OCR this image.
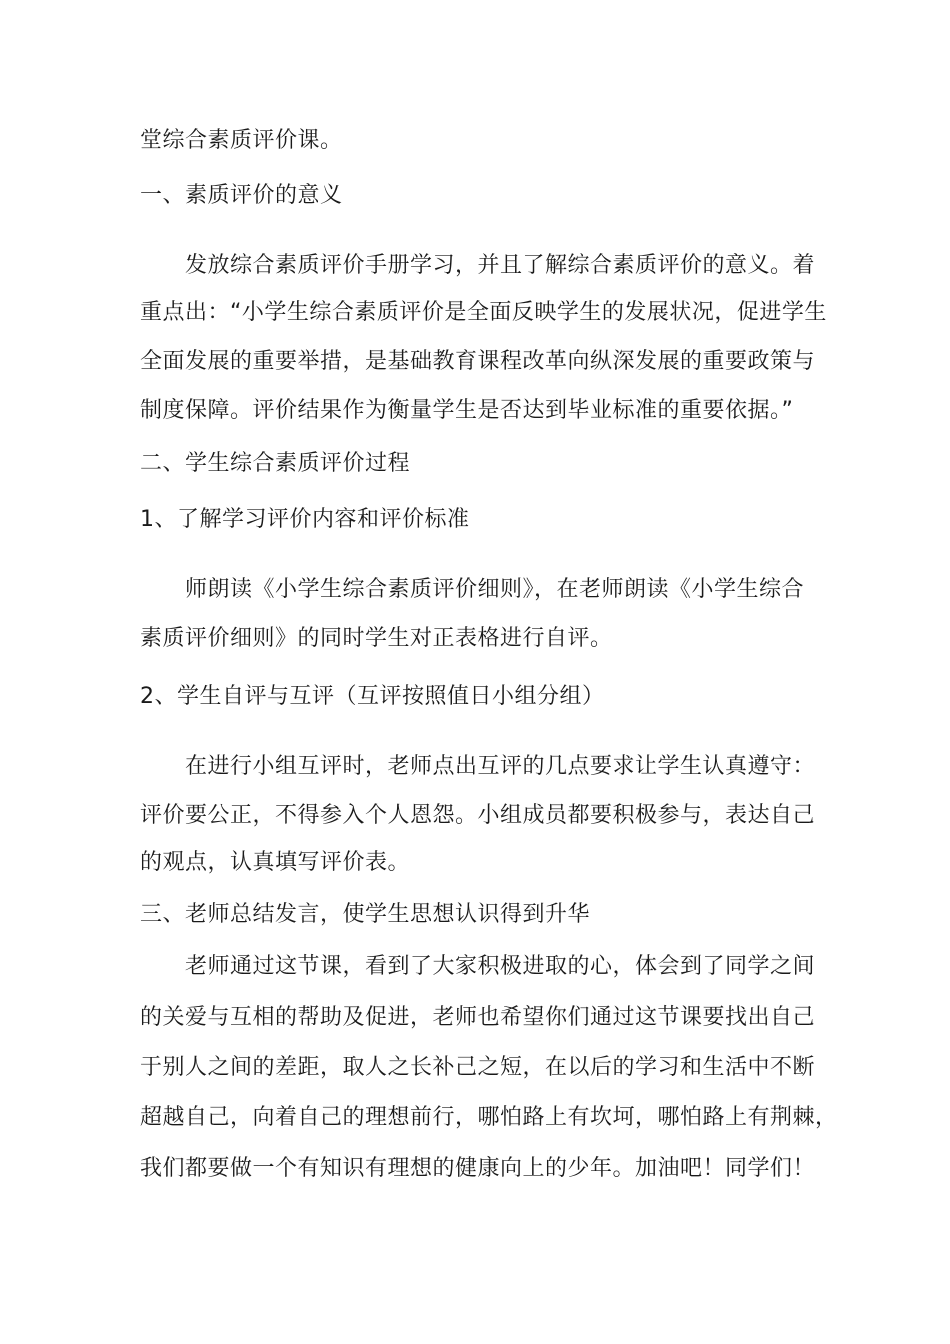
堂综合素质评价课。
一、素质评价的意义
发放综合素质评价手册学习，并且了解综合素质评价的意义。着
重点出：“小学生综合素质评价是全面反映学生的发展状况，促进学生
全面发展的重要举措，是基础教育课程改革向纵深发展的重要政策与
制度保障。评价结果作为衡量学生是否达到毕业标准的重要依据。”
二、学生综合素质评价过程
1、了解学习评价内容和评价标准
师朗读《小学生综合素质评价细则》，在老师朗读《小学生综合
素质评价细则》的同时学生对正表格进行自评。
2、学生自评与互评（互评按照值日小组分组）
在进行小组互评时，老师点出互评的几点要求让学生认真遵守：
评价要公正，不得参入个人恩怨。小组成员都要积极参与，表达自己
的观点，认真填写评价表。
三、老师总结发言，使学生思想认识得到升华
老师通过这节课，看到了大家积极进取的心，体会到了同学之间
的关爱与互相的帮助及促进，老师也希望你们通过这节课要找出自己
于别人之间的差距，取人之长补己之短，在以后的学习和生活中不断
超越自己，向着自己的理想前行，哪怕路上有坎坷，哪怕路上有荆棘，
我们都要做一个有知识有理想的健康向上的少年。加油吧！同学们！
